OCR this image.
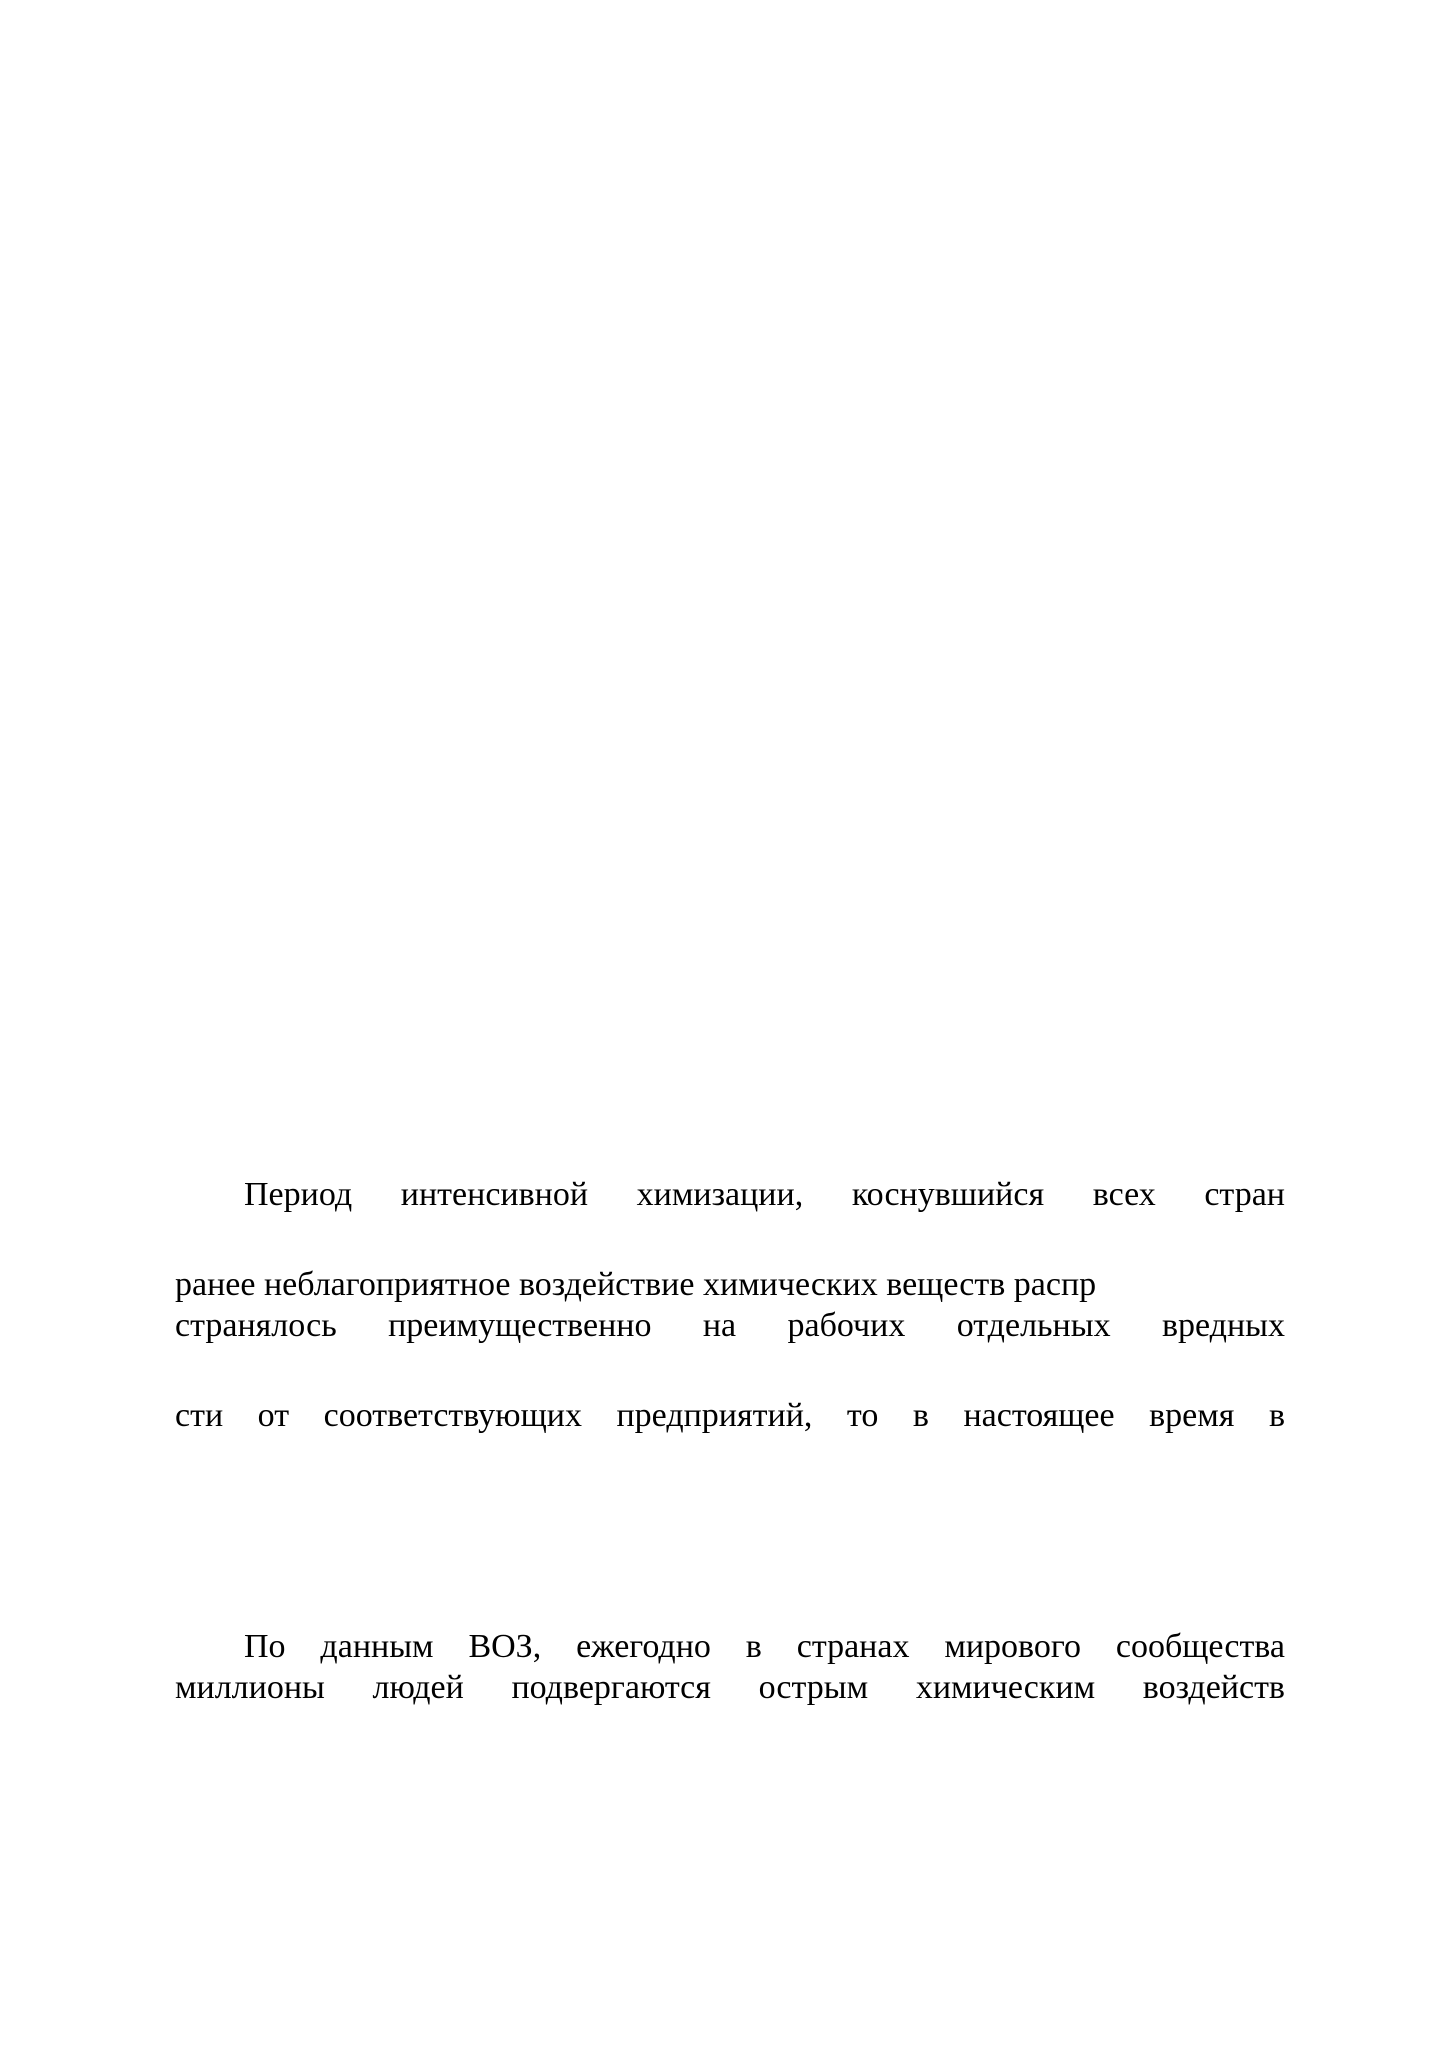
Период интенсивной химизации, коснувшийся всех стран
ранее неблагоприятное воздействие химических веществ распр
странялось преимущественно на рабочих отдельных вредных
сти от соответствующих предприятий, то в настоящее время в
По данным ВОЗ, ежегодно в странах мирового сообщества
миллионы людей подвергаются острым химическим воздейств
